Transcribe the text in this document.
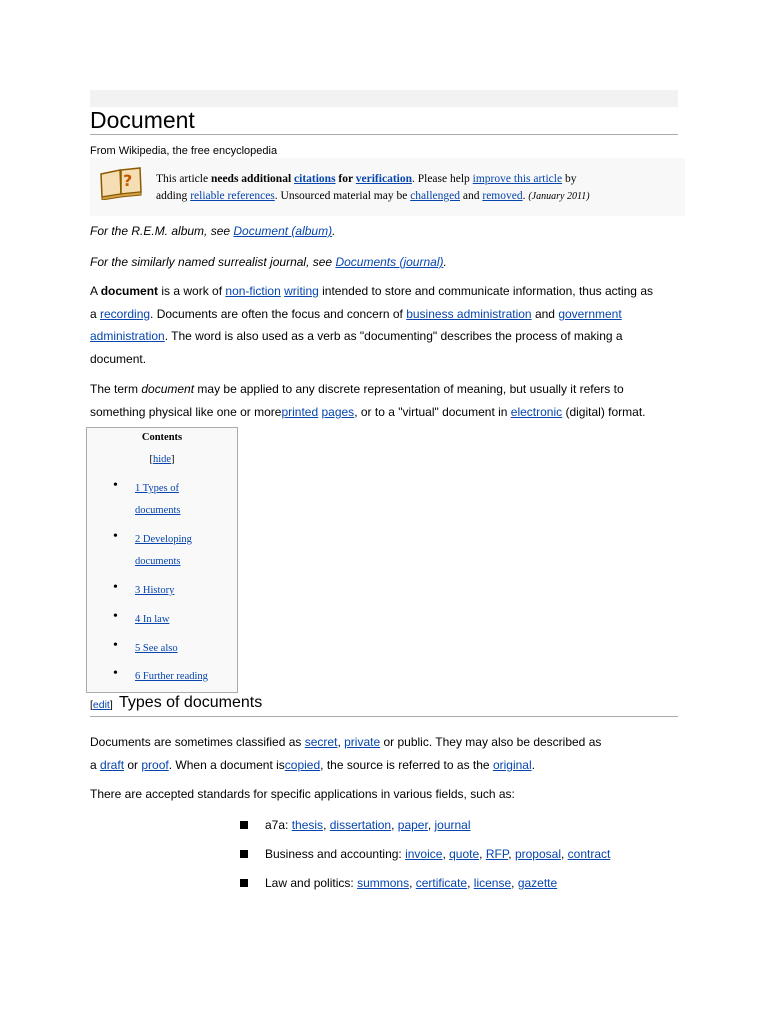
Document
From Wikipedia, the free encyclopedia
? This article needs additional citations for verification. Please help improve this article by
adding reliable references. Unsourced material may be challenged and removed. (January 2011)
For the R.E.M. album, see Document (album).
For the similarly named surrealist journal, see Documents (journal).
A document is a work of non-fiction writing intended to store and communicate information, thus acting as
a recording. Documents are often the focus and concern of business administration and government
administration. The word is also used as a verb as "documenting" describes the process of making a
document.
The term document may be applied to any discrete representation of meaning, but usually it refers to
something physical like one or moreprinted pages, or to a "virtual" document in electronic (digital) format.
Contents
[hide]
• 1 Types of
documents
• 2 Developing
documents
• 3 History
• 4 In law
• 5 See also
• 6 Further reading
[edit] Types of documents
Documents are sometimes classified as secret, private or public. They may also be described as
a draft or proof. When a document iscopied, the source is referred to as the original.
There are accepted standards for specific applications in various fields, such as:
a7a: thesis, dissertation, paper, journal
Business and accounting: invoice, quote, RFP, proposal, contract
Law and politics: summons, certificate, license, gazette
